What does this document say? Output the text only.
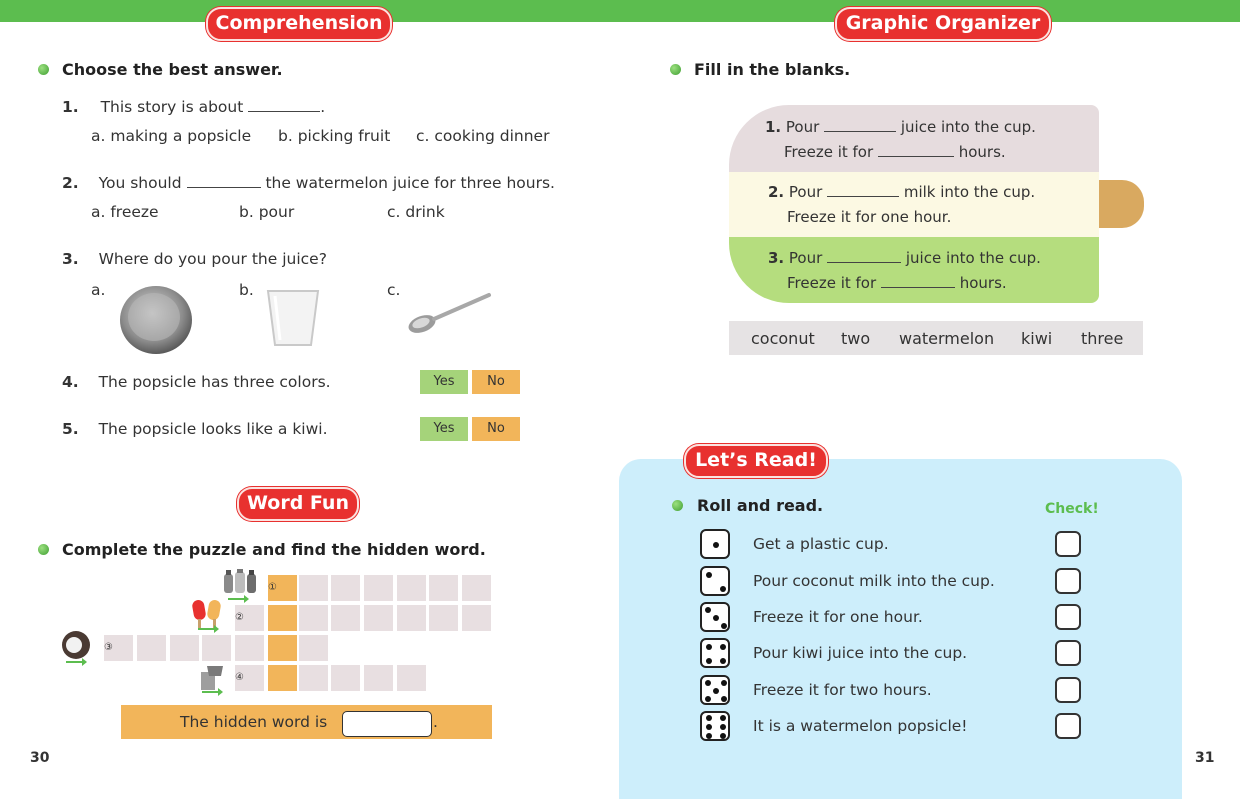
Comprehension
Choose the best answer.
1. This story is about	.
a. making a popsicle b. picking fruit c. cooking dinner
2. You should	the watermelon juice for three hours.
a. freeze	b. pour	c. drink
3. Where do you pour the juice?
a.	b.	c.
4. The popsicle has three colors.	Yes	No
5. The popsicle looks like a kiwi.	Yes	No
Word Fun
Complete the puzzle and find the hidden word.
①
②
③
④
The hidden word is	.
30
Graphic Organizer
Fill in the blanks.
1. Pour	juice into the cup.
Freeze it for	hours.
2. Pour	milk into the cup.
Freeze it for one hour.
3. Pour	juice into the cup.
Freeze it for	hours.
coconut two watermelon kiwi three
Let’s Read!
Roll and read.	Check!
Get a plastic cup.
Pour coconut milk into the cup.
Freeze it for one hour.
Pour kiwi juice into the cup.
Freeze it for two hours.
It is a watermelon popsicle!
31
